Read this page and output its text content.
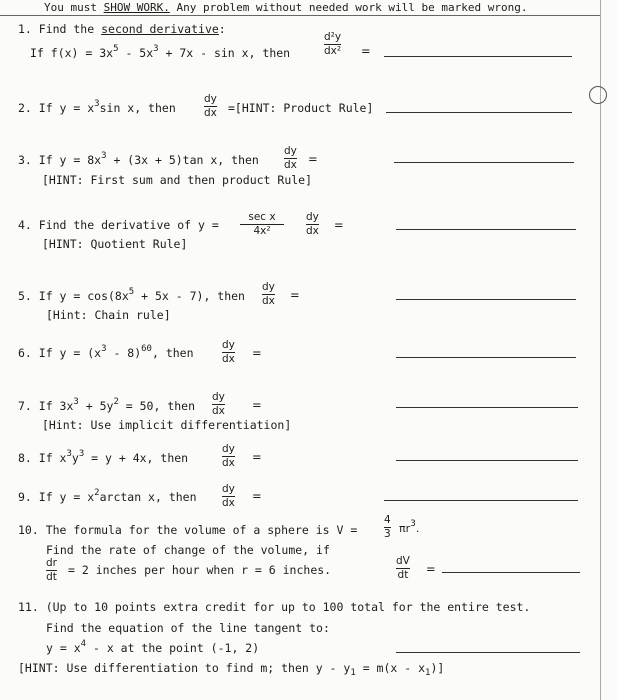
You must SHOW WORK. Any problem without needed work will be marked wrong.
1. Find the second derivative:
If $f(x) = 3x^5 - 5x^3 + 7x - \sin x$, then
d²y
dx² =
2. If $y = x^3\sin$ x, then
dy
dx =[HINT: Product Rule]
3. If $y = 8x^3 + (3x + 5)\tan$ x, then
dy
dx =
[HINT: First sum and then product Rule]
4. Find the derivative of y =
sec x
4x²
dy
dx =
[HINT: Quotient Rule]
5. If $y = \cos(8x^5 + 5x - 7)$, then
dy
dx =
[Hint: Chain rule]
6. If $y = (x^3 - 8)^{60}$, then
dy
dx =
7. If $3x^3 + 5y^2 = 50$, then
dy
dx =
[Hint: Use implicit differentiation]
8. If $x^3y^3 = y + 4x$, then
dy
dx =
9. If $y = x^2\arctan$ x, then
dy
dx =
10. The formula for the volume of a sphere is V =
4
3 $\pi r^3$.
Find the rate of change of the volume, if
dr
dt = 2 inches per hour when r = 6 inches.
dV
dt =
11. (Up to 10 points extra credit for up to 100 total for the entire test.
Find the equation of the line tangent to:
$y = x^4 - x$ at the point (-1, 2)
[HINT: Use differentiation to find m; then $y - y_1 = m(x - x_1)$]
